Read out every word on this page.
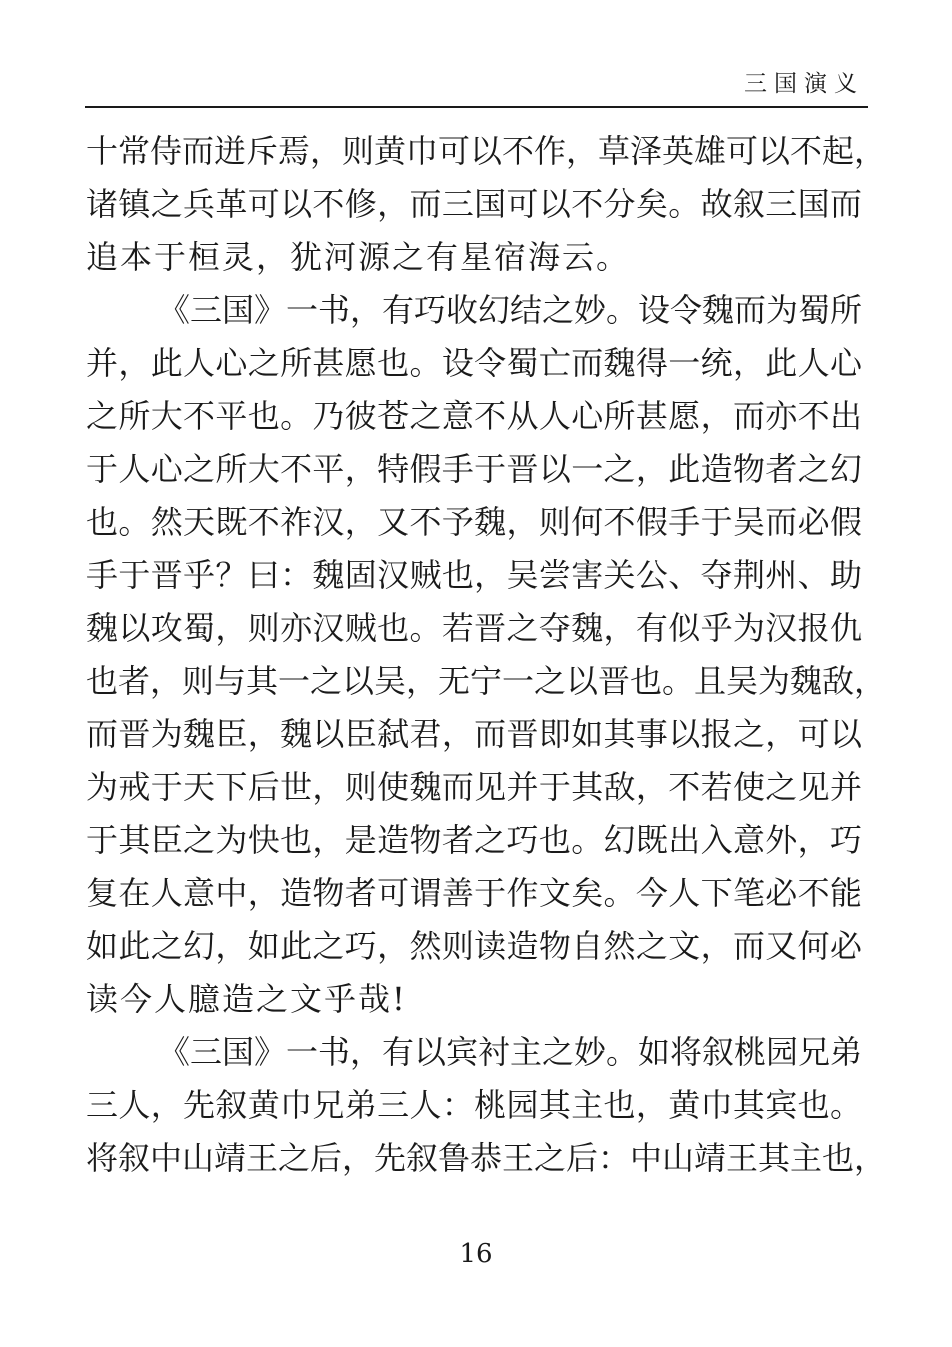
三国演义
十常侍而迸斥焉，则黄巾可以不作，草泽英雄可以不起，
诸镇之兵革可以不修，而三国可以不分矣。故叙三国而
追本于桓灵，犹河源之有星宿海云。
《三国》一书，有巧收幻结之妙。设令魏而为蜀所
并，此人心之所甚愿也。设令蜀亡而魏得一统，此人心
之所大不平也。乃彼苍之意不从人心所甚愿，而亦不出
于人心之所大不平，特假手于晋以一之，此造物者之幻
也。然天既不祚汉，又不予魏，则何不假手于吴而必假
手于晋乎？曰：魏固汉贼也，吴尝害关公、夺荆州、助
魏以攻蜀，则亦汉贼也。若晋之夺魏，有似乎为汉报仇
也者，则与其一之以吴，无宁一之以晋也。且吴为魏敌，
而晋为魏臣，魏以臣弑君，而晋即如其事以报之，可以
为戒于天下后世，则使魏而见并于其敌，不若使之见并
于其臣之为快也，是造物者之巧也。幻既出入意外，巧
复在人意中，造物者可谓善于作文矣。今人下笔必不能
如此之幻，如此之巧，然则读造物自然之文，而又何必
读今人臆造之文乎哉!
《三国》一书，有以宾衬主之妙。如将叙桃园兄弟
三人，先叙黄巾兄弟三人：桃园其主也，黄巾其宾也。
将叙中山靖王之后，先叙鲁恭王之后：中山靖王其主也，
16
